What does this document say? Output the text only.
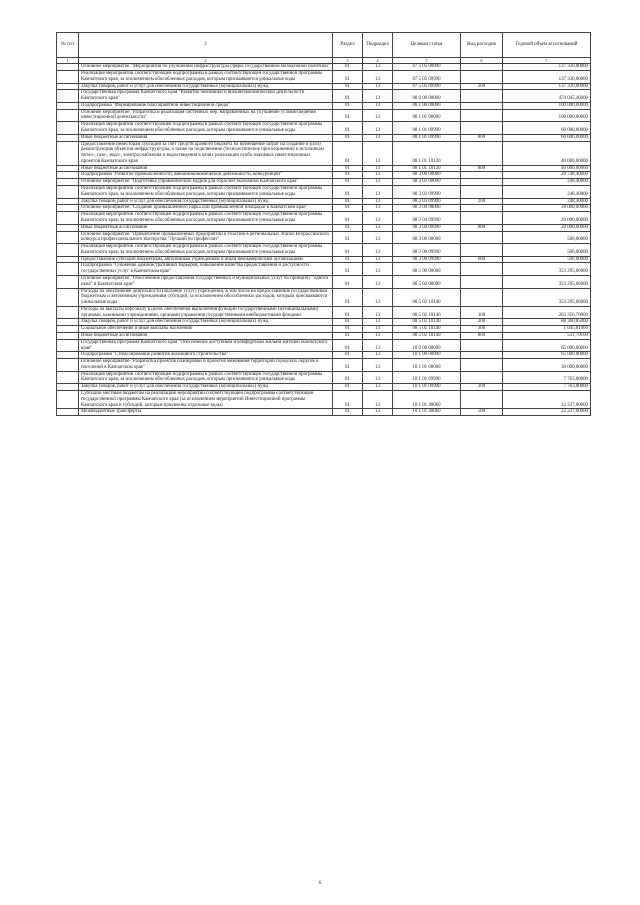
№ п/п	2	Раздел	Подраздел	Целевая статья	Вид расходов	Годовой объем ассигнований
1	2	3	4	5	6	7
	Основное мероприятие "Мероприятия по улучшению инфраструктуры сферы государственной молодежной политики"	01	13	07 5 05 00000		137 330,00000
	Реализация мероприятий соответствующей подпрограммы в рамках соответствующей государственной программы Камчатского края, за исключением обособленных расходов, которым присваиваются уникальные коды	01	13	07 5 05 09990		137 330,00000
	Закупка товаров, работ и услуг для обеспечения государственных (муниципальных) нужд	01	13	07 5 05 09990	200	137 330,00000
	Государственная программа Камчатского края "Развитие экономики и внешнеэкономической деятельности Камчатского края"	01	13	08 0 00 00000		474 045,46000
	Подпрограмма "Формирование благоприятной инвестиционной среды"	01	13	08 1 00 00000		100 000,00000
	Основное мероприятие "Разработка и реализация системных мер, направленных на улучшение условий ведения инвестиционной деятельности"	01	13	08 1 01 00000		100 000,00000
	Реализация мероприятий соответствующей подпрограммы в рамках соответствующей государственной программы Камчатского края, за исключением обособленных расходов, которым присваиваются уникальные коды	01	13	08 1 01 09990		60 000,00000
	Иные бюджетные ассигнования	01	13	08 1 01 09990	800	60 000,00000
	Предоставление инвесторам субсидий за счет средств краевого бюджета на возмещение затрат на создание и (или) реконструкцию объектов инфраструктуры, а также на подключение (технологическое присоединение) к источникам тепло-, газо-, водо-, электроснабжения и водоотведения в целях реализации особо значимых инвестиционных проектов Камчатского края	01	13	08 1 01 10120		40 000,00000
	Иные бюджетные ассигнования	01	13	08 1 01 10120	800	40 000,00000
	Подпрограмма "Развитие промышленности, внешнеэкономической деятельности, конкуренции"	01	13	08 3 00 00000		20 748,40000
	Основное мероприятие "Подготовка управленческих кадров для отраслей экономики Камчатского края"	01	13	08 3 03 00000		248,40000
	Реализация мероприятий соответствующей подпрограммы в рамках соответствующей государственной программы Камчатского края, за исключением обособленных расходов, которым присваиваются уникальные коды	01	13	08 3 03 09990		248,40000
	Закупка товаров, работ и услуг для обеспечения государственных (муниципальных) нужд	01	13	08 3 03 09990	200	248,40000
	Основное мероприятие "Создание промышленного парка или промышленной площадки в Камчатском крае"	01	13	08 3 04 00000		20 000,00000
	Реализация мероприятий соответствующей подпрограммы в рамках соответствующей государственной программы Камчатского края, за исключением обособленных расходов, которым присваиваются уникальные коды	01	13	08 3 04 09990		20 000,00000
	Иные бюджетные ассигнования	01	13	08 3 04 09990	800	20 000,00000
	Основное мероприятие "Привлечение промышленных предприятий к участию в региональных этапах Всероссийского конкурса профессионального мастерства "Лучший по профессии"	01	13	08 3 06 00000		500,00000
	Реализация мероприятий соответствующей подпрограммы в рамках соответствующей государственной программы Камчатского края, за исключением обособленных расходов, которым присваиваются уникальные коды	01	13	08 3 06 09990		500,00000
	Предоставление субсидий бюджетным, автономным учреждениям и иным некоммерческим организациям	01	13	08 3 06 09990	600	500,00000
	Подпрограмма "Снижение административных барьеров, повышение качества предоставления и доступности государственных услуг в Камчатском крае"	01	13	08 5 00 00000		353 295,06000
	Основное мероприятие "Обеспечение предоставления государственных и муниципальных услуг по принципу "одного окна" в Камчатском крае"	01	13	08 5 02 00000		353 295,06000
	Расходы на обеспечение деятельности (оказание услуг) учреждений, в том числе на предоставление государственным бюджетным и автономным учреждениям субсидий, за исключением обособленных расходов, которым присваиваются уникальные коды	01	13	08 5 02 10140		353 295,06000
	Расходы на выплаты персоналу в целях обеспечения выполнения функций государственными (муниципальными) органами, казенными учреждениями, органами управления государственными внебюджетными фондами	01	13	08 5 02 10140	100	263 356,70000
	Закупка товаров, работ и услуг для обеспечения государственных (муниципальных) нужд	01	13	08 5 02 10140	200	88 360,85000
	Социальное обеспечение и иные выплаты населению	01	13	08 5 02 10140	300	1 045,81000
	Иные бюджетные ассигнования	01	13	08 5 02 10140	800	531,70100
	Государственная программа Камчатского края "Обеспечение доступным и комфортным жильем жителей Камчатского края"	01	13	10 0 00 00000		65 000,00000
	Подпрограмма "Стимулирование развития жилищного строительства"	01	13	10 1 00 00000		65 000,00000
	Основное мероприятие "Разработка проектов планировки и проектов межевания территорий городских округов и поселений в Камчатском крае"	01	13	10 1 01 00000		30 000,00000
	Реализация мероприятий соответствующей подпрограммы в рамках соответствующей государственной программы Камчатского края, за исключением обособленных расходов, которым присваиваются уникальные коды	01	13	10 1 01 09990		7 763,00000
	Закупка товаров, работ и услуг для обеспечения государственных (муниципальных) нужд	01	13	10 1 01 09990	200	7 763,00000
	Субсидии местным бюджетам на реализацию мероприятий соответствующей подпрограммы соответствующей государственной программы Камчатского края (за исключением мероприятий Инвестиционной программы Камчатского края и субсидий, которым присвоены отдельные коды)	01	13	10 1 01 40060		22 237,00000
	Межбюджетные трансферты	01	13	10 1 01 40060	500	22 237,00000
6
